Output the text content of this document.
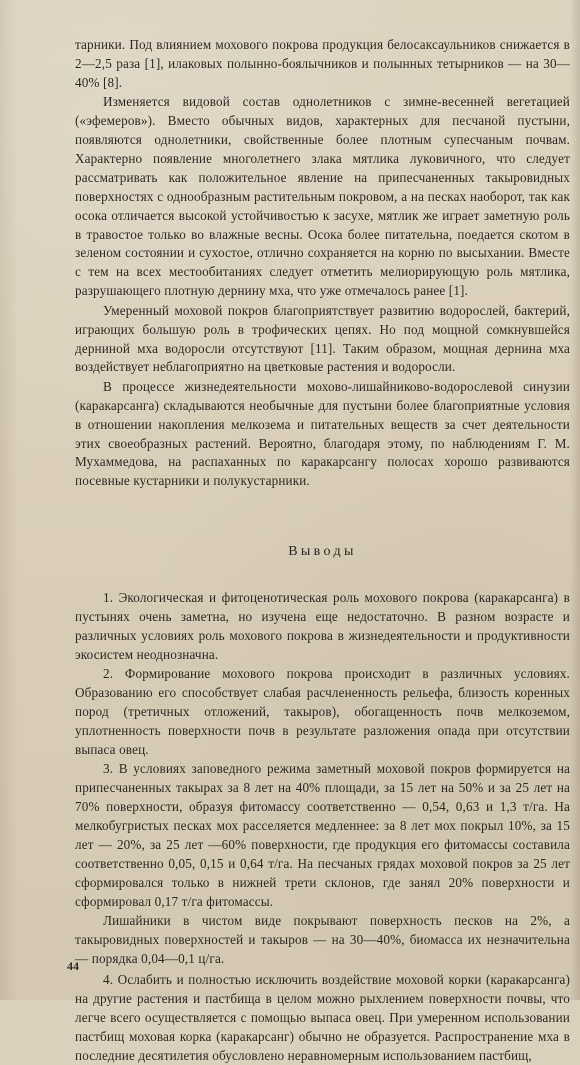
тарники. Под влиянием мохового покрова продукция белосаксаульников снижается в 2—2,5 раза [1], илаковых полынно-боялычников и полынных тетырников — на 30—40% [8].

Изменяется видовой состав однолетников с зимне-весенней вегетацией («эфемеров»). Вместо обычных видов, характерных для песчаной пустыни, появляются однолетники, свойственные более плотным супесчаным почвам. Характерно появление многолетнего злака мятлика луковичного, что следует рассматривать как положительное явление на припесчаненных такыровидных поверхностях с однообразным растительным покровом, а на песках наоборот, так как осока отличается высокой устойчивостью к засухе, мятлик же играет заметную роль в травостое только во влажные весны. Осока более питательна, поедается скотом в зеленом состоянии и сухостое, отлично сохраняется на корню по высыхании. Вместе с тем на всех местообитаниях следует отметить мелиорирующую роль мятлика, разрушающего плотную дернину мха, что уже отмечалось ранее [1].

Умеренный моховой покров благоприятствует развитию водорослей, бактерий, играющих большую роль в трофических цепях. Но под мощной сомкнувшейся дерниной мха водоросли отсутствуют [11]. Таким образом, мощная дернина мха воздействует неблагоприятно на цветковые растения и водоросли.

В процессе жизнедеятельности мохово-лишайниково-водорослевой синузии (каракарсанга) складываются необычные для пустыни более благоприятные условия в отношении накопления мелкозема и питательных веществ за счет деятельности этих своеобразных растений. Вероятно, благодаря этому, по наблюдениям Г. М. Мухаммедова, на распаханных по каракарсангу полосах хорошо развиваются посевные кустарники и полукустарники.

Выводы

1. Экологическая и фитоценотическая роль мохового покрова (каракарсанга) в пустынях очень заметна, но изучена еще недостаточно. В разном возрасте и различных условиях роль мохового покрова в жизнедеятельности и продуктивности экосистем неоднозначна.

2. Формирование мохового покрова происходит в различных условиях. Образованию его способствует слабая расчлененность рельефа, близость коренных пород (третичных отложений, такыров), обогащенность почв мелкоземом, уплотненность поверхности почв в результате разложения опада при отсутствии выпаса овец.

3. В условиях заповедного режима заметный моховой покров формируется на припесчаненных такырах за 8 лет на 40% площади, за 15 лет на 50% и за 25 лет на 70% поверхности, образуя фитомассу соответственно — 0,54, 0,63 и 1,3 т/га. На мелкобугристых песках мох расселяется медленнее: за 8 лет мох покрыл 10%, за 15 лет — 20%, за 25 лет —60% поверхности, где продукция его фитомассы составила соответственно 0,05, 0,15 и 0,64 т/га. На песчаных грядах моховой покров за 25 лет сформировался только в нижней трети склонов, где занял 20% поверхности и сформировал 0,17 т/га фитомассы.

Лишайники в чистом виде покрывают поверхность песков на 2%, а такыровидных поверхностей и такыров — на 30—40%, биомасса их незначительна — порядка 0,04—0,1 ц/га.

4. Ослабить и полностью исключить воздействие моховой корки (каракарсанга) на другие растения и пастбища в целом можно рыхлением поверхности почвы, что легче всего осуществляется с помощью выпаса овец. При умеренном использовании пастбищ моховая корка (каракарсанг) обычно не образуется. Распространение мха в последние десятилетия обусловлено неравномерным использованием пастбищ,

44
